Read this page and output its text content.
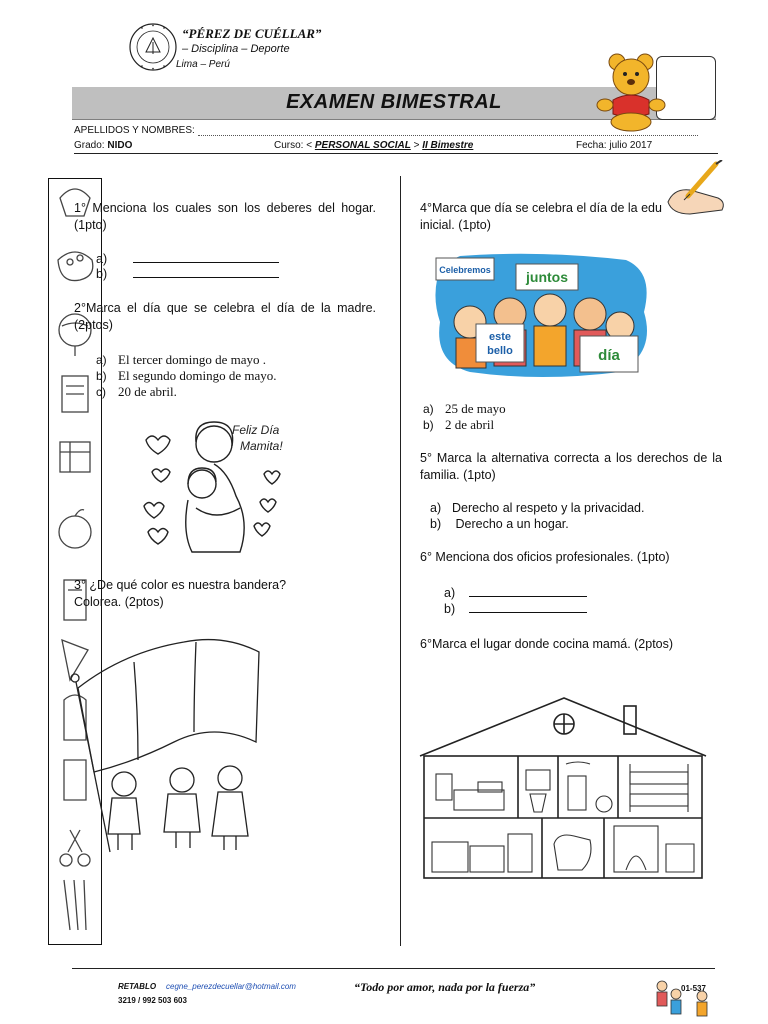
“PÉREZ DE CUÉLLAR”
– Disciplina – Deporte
Lima – Perú
EXAMEN BIMESTRAL
APELLIDOS Y NOMBRES:
Grado: NIDO	Curso: < PERSONAL SOCIAL > II Bimestre	Fecha: julio 2017
1° Menciona los cuales son los deberes del hogar. (1pto)
a)
b)
2°Marca el día que se celebra el día de la madre. (2ptos)
a) El tercer domingo de mayo .
b) El segundo domingo de mayo.
c) 20 de abril.
Feliz Día
Mamita!
3° ¿De qué color es nuestra bandera?
Colorea. (2ptos)
4°Marca que día se celebra el día de la edu
inicial. (1pto)
Celebremos	juntos
este
bello	día
a) 25 de mayo
b) 2 de abril
5° Marca la alternativa correcta a los derechos de la familia. (1pto)
a) Derecho al respeto y la privacidad.
b) Derecho a un hogar.
6° Menciona dos oficios profesionales. (1pto)
a)
b)
6°Marca el lugar donde cocina mamá. (2ptos)
RETABLO cegne_perezdecuellar@hotmail.com
3219 / 992 503 603
“Todo por amor, nada por la fuerza”	01-537
